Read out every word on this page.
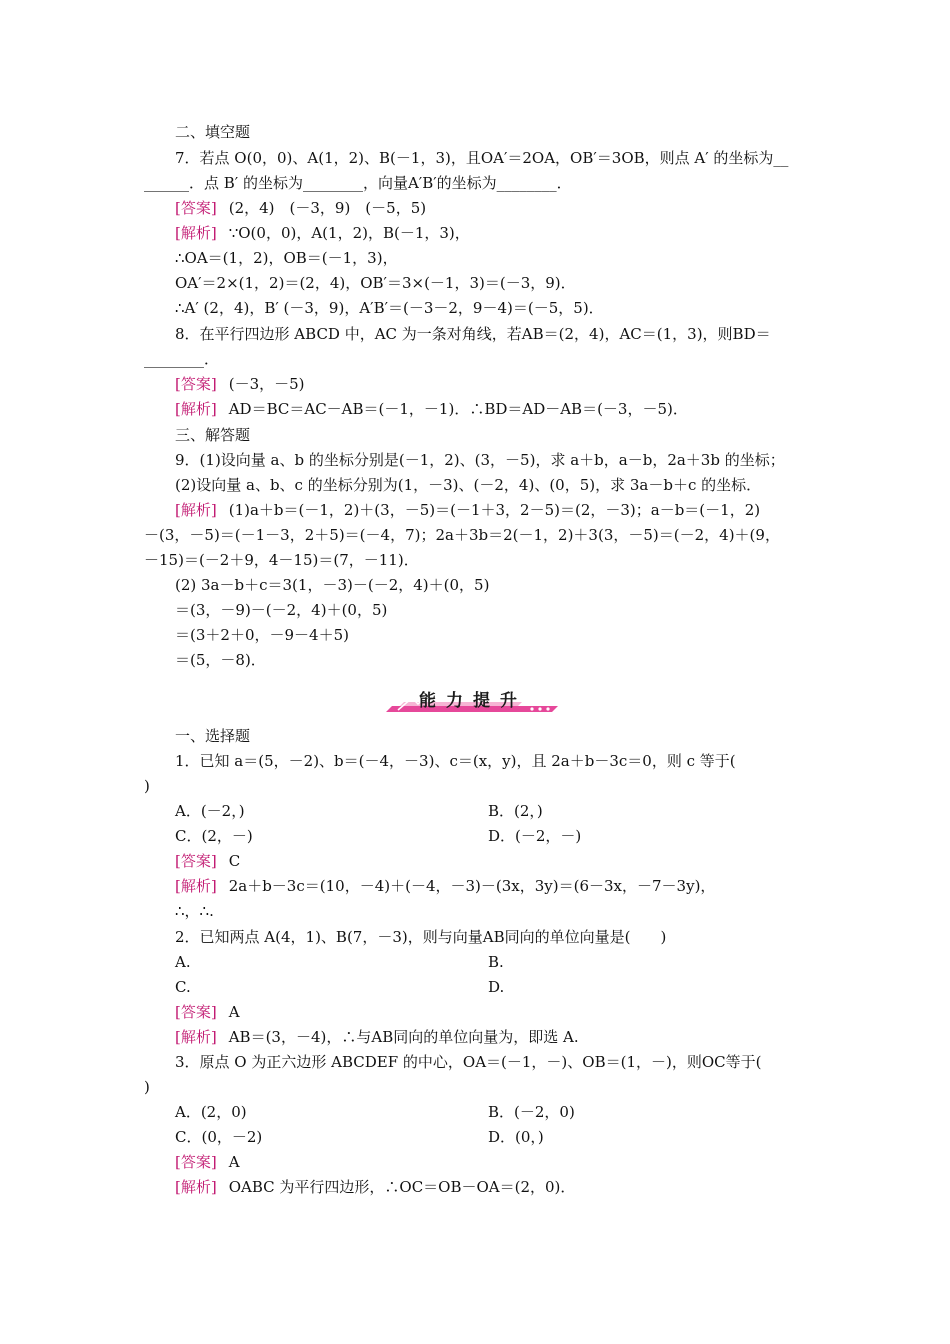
二、填空题
7．若点 O(0，0)、A(1，2)、B(－1，3)，且OA′＝2OA，OB′＝3OB，则点 A′ 的坐标为__
______．点 B′ 的坐标为________，向量A′B′的坐标为________．
[答案] (2，4)　(－3，9)　(－5，5)
[解析] ∵O(0，0)，A(1，2)，B(－1，3)，
∴OA＝(1，2)，OB＝(－1，3)，
OA′＝2×(1，2)＝(2，4)，OB′＝3×(－1，3)＝(－3，9)．
∴A′ (2，4)，B′ (－3，9)，A′B′＝(－3－2，9－4)＝(－5，5)．
8．在平行四边形 ABCD 中，AC 为一条对角线，若AB＝(2，4)，AC＝(1，3)，则BD＝
________．
[答案] (－3，－5)
[解析] AD＝BC＝AC－AB＝(－1，－1)．∴BD＝AD－AB＝(－3，－5)．
三、解答题
9．(1)设向量 a、b 的坐标分别是(－1，2)、(3，－5)，求 a＋b，a－b，2a＋3b 的坐标；
(2)设向量 a、b、c 的坐标分别为(1，－3)、(－2，4)、(0，5)，求 3a－b＋c 的坐标．
[解析] (1)a＋b＝(－1，2)＋(3，－5)＝(－1＋3，2－5)＝(2，－3)；a－b＝(－1，2)
－(3，－5)＝(－1－3，2＋5)＝(－4，7)；2a＋3b＝2(－1，2)＋3(3，－5)＝(－2，4)＋(9，
－15)＝(－2＋9，4－15)＝(7，－11)．
(2) 3a－b＋c＝3(1，－3)－(－2，4)＋(0，5)
＝(3，－9)－(－2，4)＋(0，5)
＝(3＋2＋0，－9－4＋5)
＝(5，－8)．
能力提升
一、选择题
1．已知 a＝(5，－2)、b＝(－4，－3)、c＝(x，y)，且 2a＋b－3c＝0，则 c 等于(
)
A．(－2，)	B．(2，)
C．(2，－)	D．(－2，－)
[答案] C
[解析] 2a＋b－3c＝(10，－4)＋(－4，－3)－(3x，3y)＝(6－3x，－7－3y)，
∴，∴.
2．已知两点 A(4，1)、B(7，－3)，则与向量AB同向的单位向量是(　　)
A.	B.
C.	D.
[答案] A
[解析] AB＝(3，－4)，∴与AB同向的单位向量为，即选 A.
3．原点 O 为正六边形 ABCDEF 的中心，OA＝(－1，－)、OB＝(1，－)，则OC等于(
)
A．(2，0)	B．(－2，0)
C．(0，－2)	D．(0，)
[答案] A
[解析] OABC 为平行四边形，∴OC＝OB－OA＝(2，0)．
